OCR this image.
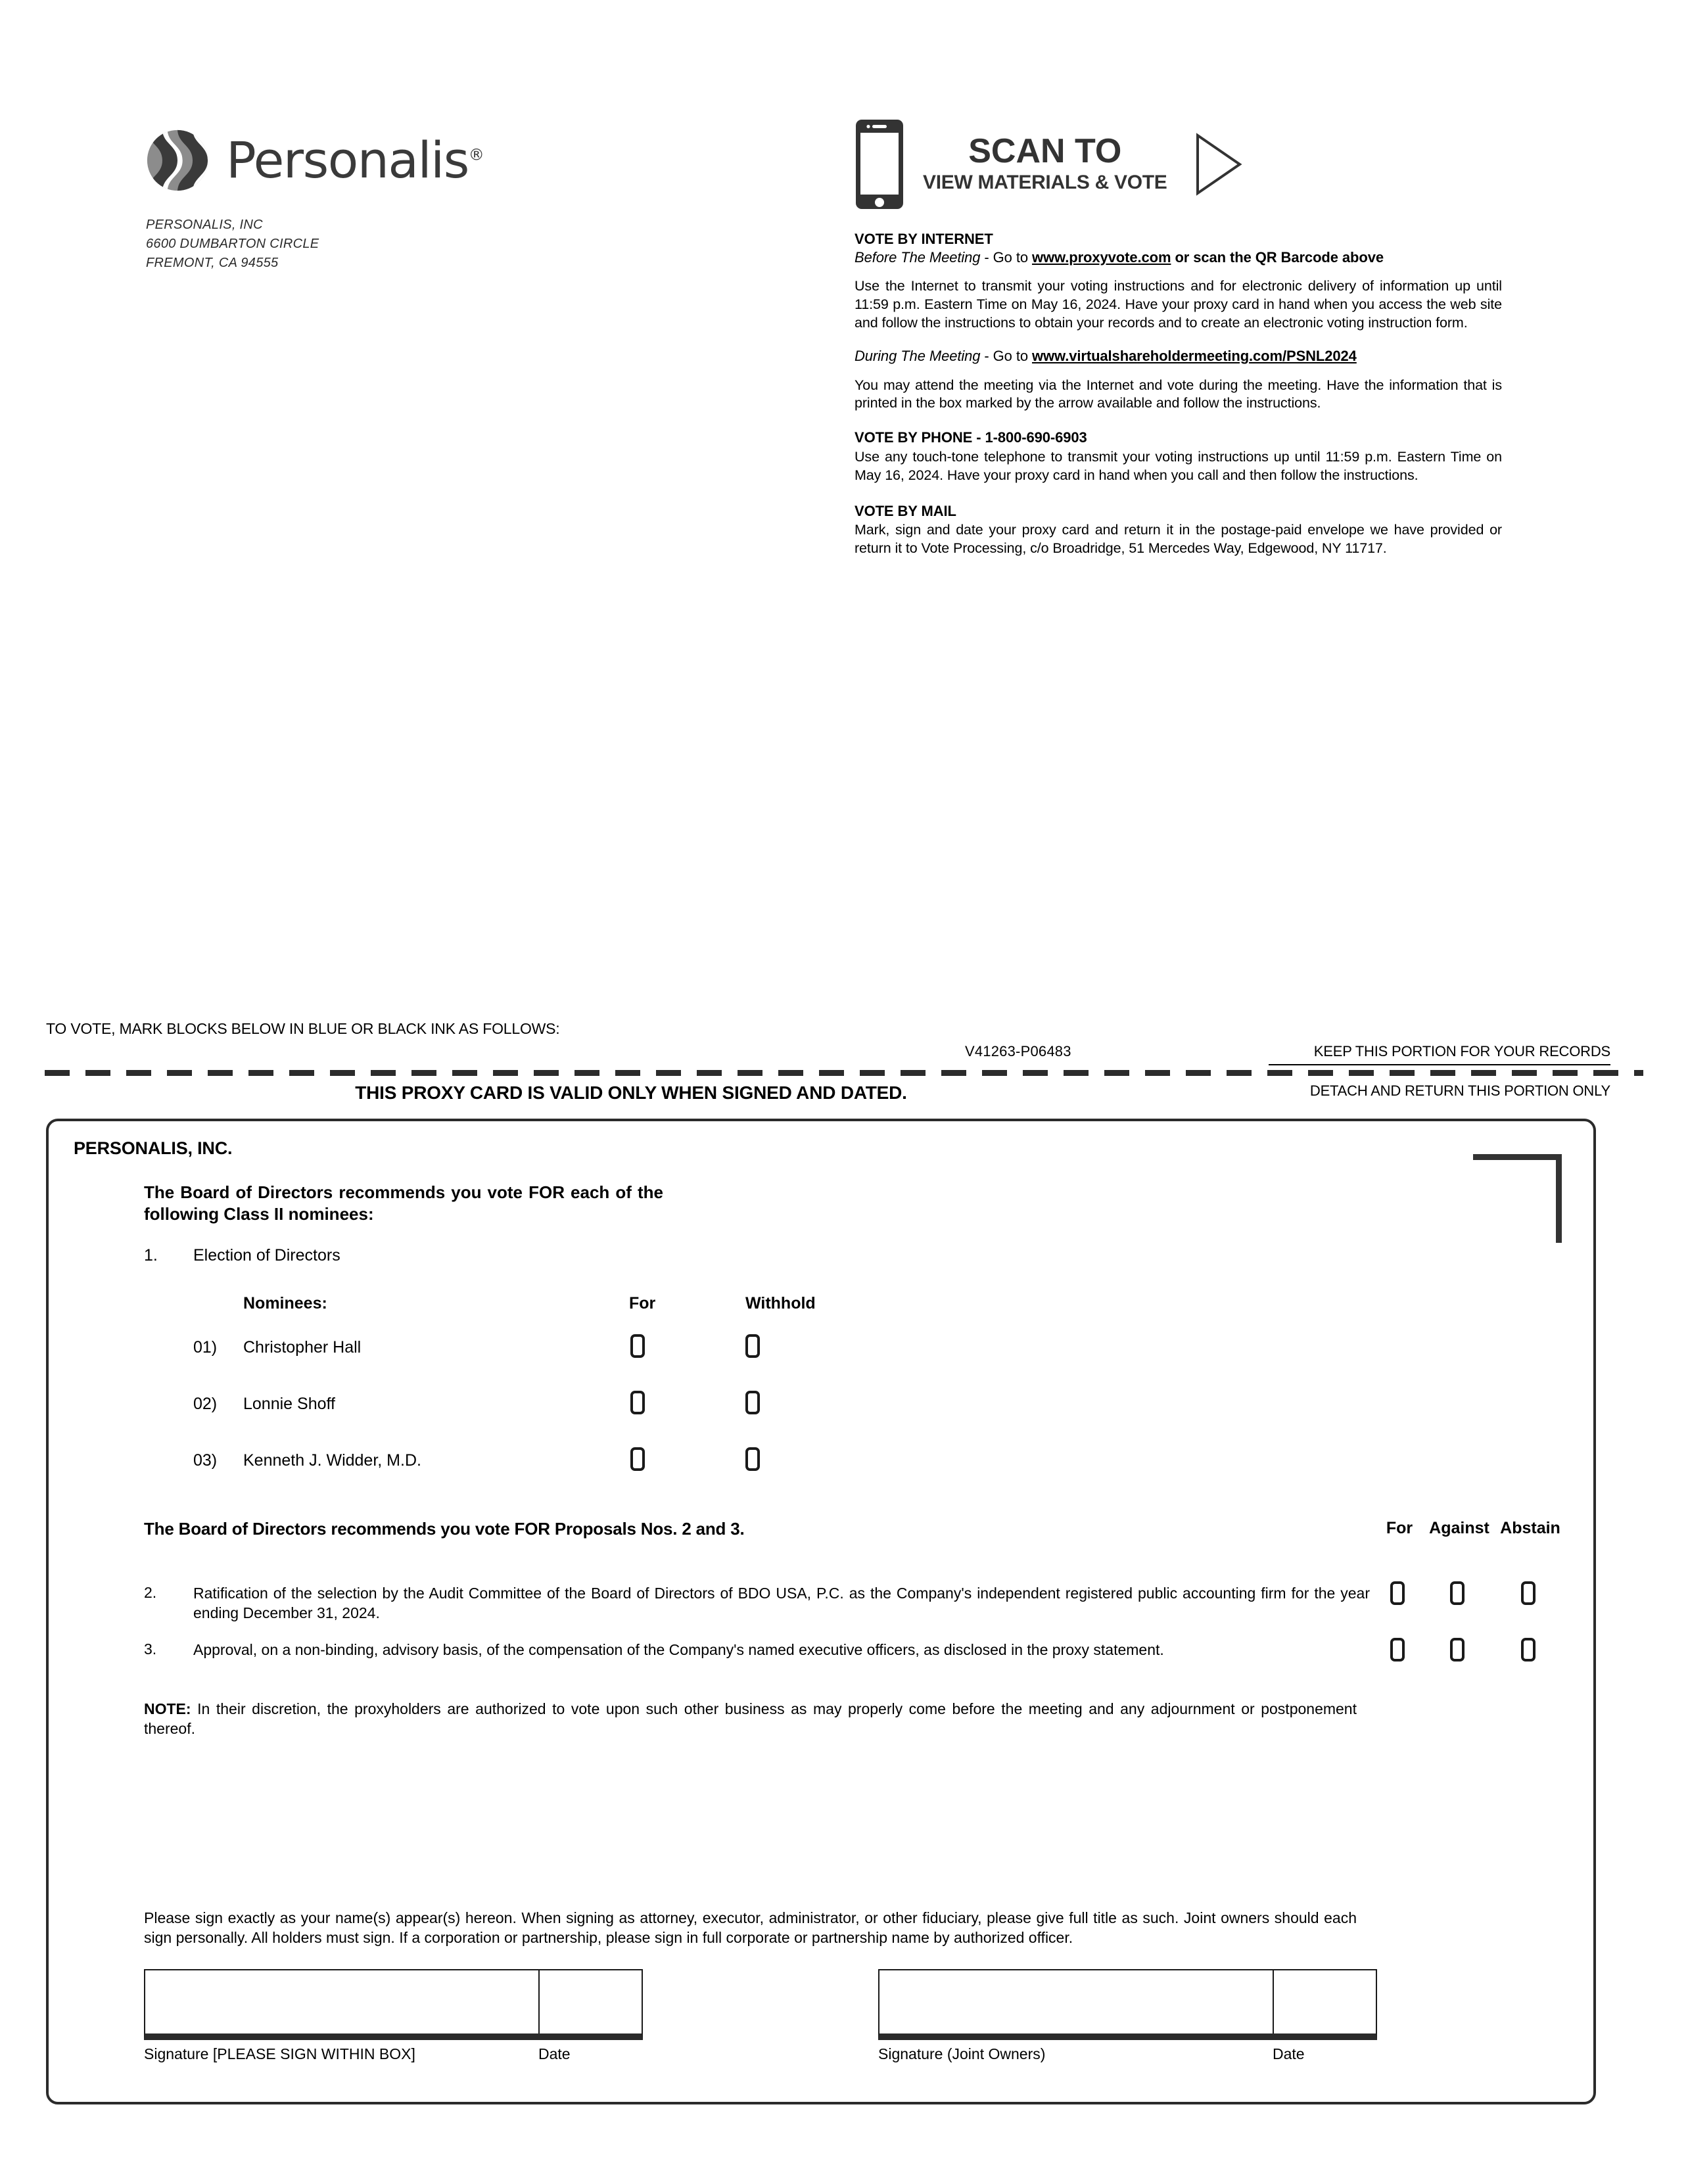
Personalis®
PERSONALIS, INC
6600 DUMBARTON CIRCLE
FREMONT, CA 94555
SCAN TO
VIEW MATERIALS & VOTE
VOTE BY INTERNET
Before The Meeting - Go to www.proxyvote.com or scan the QR Barcode above
Use the Internet to transmit your voting instructions and for electronic delivery of information up until 11:59 p.m. Eastern Time on May 16, 2024. Have your proxy card in hand when you access the web site and follow the instructions to obtain your records and to create an electronic voting instruction form.
During The Meeting - Go to www.virtualshareholdermeeting.com/PSNL2024
You may attend the meeting via the Internet and vote during the meeting. Have the information that is printed in the box marked by the arrow available and follow the instructions.
VOTE BY PHONE - 1-800-690-6903
Use any touch-tone telephone to transmit your voting instructions up until 11:59 p.m. Eastern Time on May 16, 2024. Have your proxy card in hand when you call and then follow the instructions.
VOTE BY MAIL
Mark, sign and date your proxy card and return it in the postage-paid envelope we have provided or return it to Vote Processing, c/o Broadridge, 51 Mercedes Way, Edgewood, NY 11717.
TO VOTE, MARK BLOCKS BELOW IN BLUE OR BLACK INK AS FOLLOWS:
V41263-P06483	KEEP THIS PORTION FOR YOUR RECORDS
DETACH AND RETURN THIS PORTION ONLY
THIS PROXY CARD IS VALID ONLY WHEN SIGNED AND DATED.
PERSONALIS, INC.
The Board of Directors recommends you vote FOR each of the following Class II nominees:
1. Election of Directors
Nominees:	For	Withhold
01)	Christopher Hall
02)	Lonnie Shoff
03)	Kenneth J. Widder, M.D.
The Board of Directors recommends you vote FOR Proposals Nos. 2 and 3.	For	Against Abstain
2.	Ratification of the selection by the Audit Committee of the Board of Directors of BDO USA, P.C. as the Company's independent registered public accounting firm for the year ending December 31, 2024.
3.	Approval, on a non-binding, advisory basis, of the compensation of the Company's named executive officers, as disclosed in the proxy statement.
NOTE: In their discretion, the proxyholders are authorized to vote upon such other business as may properly come before the meeting and any adjournment or postponement thereof.
Please sign exactly as your name(s) appear(s) hereon. When signing as attorney, executor, administrator, or other fiduciary, please give full title as such. Joint owners should each sign personally. All holders must sign. If a corporation or partnership, please sign in full corporate or partnership name by authorized officer.
Signature [PLEASE SIGN WITHIN BOX]	Date	Signature (Joint Owners)	Date
